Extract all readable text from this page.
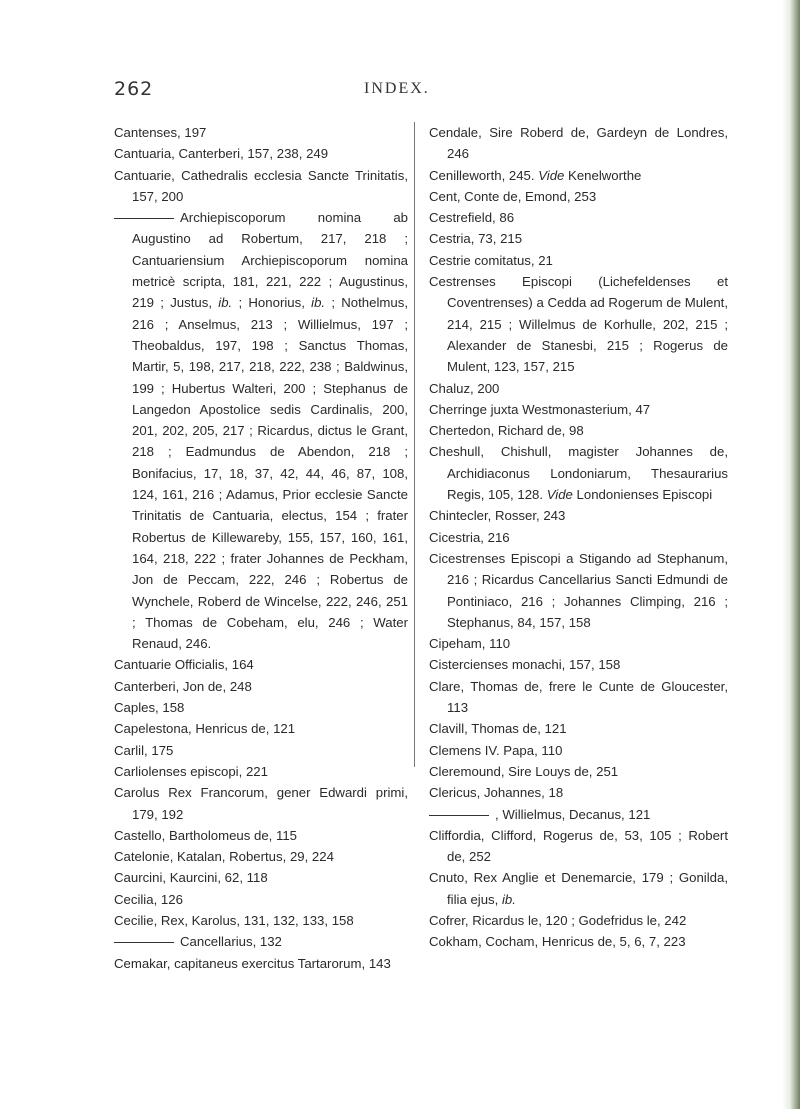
262	INDEX.

Cantenses, 197

Cantuaria, Canterberi, 157, 238, 249

Cantuarie, Cathedralis ecclesia Sancte Trinitatis, 157, 200

Archiepiscoporum nomina ab Augustino ad Robertum, 217, 218 ; Cantuariensium Archiepiscoporum nomina metricè scripta, 181, 221, 222 ; Augustinus, 219 ; Justus, ib. ; Honorius, ib. ; Nothelmus, 216 ; Anselmus, 213 ; Willielmus, 197 ; Theobaldus, 197, 198 ; Sanctus Thomas, Martir, 5, 198, 217, 218, 222, 238 ; Baldwinus, 199 ; Hubertus Walteri, 200 ; Stephanus de Langedon Apostolice sedis Cardinalis, 200, 201, 202, 205, 217 ; Ricardus, dictus le Grant, 218 ; Eadmundus de Abendon, 218 ; Bonifacius, 17, 18, 37, 42, 44, 46, 87, 108, 124, 161, 216 ; Adamus, Prior ecclesie Sancte Trinitatis de Cantuaria, electus, 154 ; frater Robertus de Killewareby, 155, 157, 160, 161, 164, 218, 222 ; frater Johannes de Peckham, Jon de Peccam, 222, 246 ; Robertus de Wynchele, Roberd de Wincelse, 222, 246, 251 ; Thomas de Cobeham, elu, 246 ; Water Renaud, 246.

Cantuarie Officialis, 164

Canterberi, Jon de, 248

Caples, 158

Capelestona, Henricus de, 121

Carlil, 175

Carliolenses episcopi, 221

Carolus Rex Francorum, gener Edwardi primi, 179, 192

Castello, Bartholomeus de, 115

Catelonie, Katalan, Robertus, 29, 224

Caurcini, Kaurcini, 62, 118

Cecilia, 126

Cecilie, Rex, Karolus, 131, 132, 133, 158

Cancellarius, 132

Cemakar, capitaneus exercitus Tartarorum, 143

Cendale, Sire Roberd de, Gardeyn de Londres, 246

Cenilleworth, 245. Vide Kenelworthe

Cent, Conte de, Emond, 253

Cestrefield, 86

Cestria, 73, 215

Cestrie comitatus, 21

Cestrenses Episcopi (Lichefeldenses et Coventrenses) a Cedda ad Rogerum de Mulent, 214, 215 ; Willelmus de Korhulle, 202, 215 ; Alexander de Stanesbi, 215 ; Rogerus de Mulent, 123, 157, 215

Chaluz, 200

Cherringe juxta Westmonasterium, 47

Chertedon, Richard de, 98

Cheshull, Chishull, magister Johannes de, Archidiaconus Londoniarum, Thesaurarius Regis, 105, 128. Vide Londonienses Episcopi

Chintecler, Rosser, 243

Cicestria, 216

Cicestrenses Episcopi a Stigando ad Stephanum, 216 ; Ricardus Cancellarius Sancti Edmundi de Pontiniaco, 216 ; Johannes Climping, 216 ; Stephanus, 84, 157, 158

Cipeham, 110

Cistercienses monachi, 157, 158

Clare, Thomas de, frere le Cunte de Gloucester, 113

Clavill, Thomas de, 121

Clemens IV. Papa, 110

Cleremound, Sire Louys de, 251

Clericus, Johannes, 18

, Willielmus, Decanus, 121

Cliffordia, Clifford, Rogerus de, 53, 105 ; Robert de, 252

Cnuto, Rex Anglie et Denemarcie, 179 ; Gonilda, filia ejus, ib.

Cofrer, Ricardus le, 120 ; Godefridus le, 242

Cokham, Cocham, Henricus de, 5, 6, 7, 223
